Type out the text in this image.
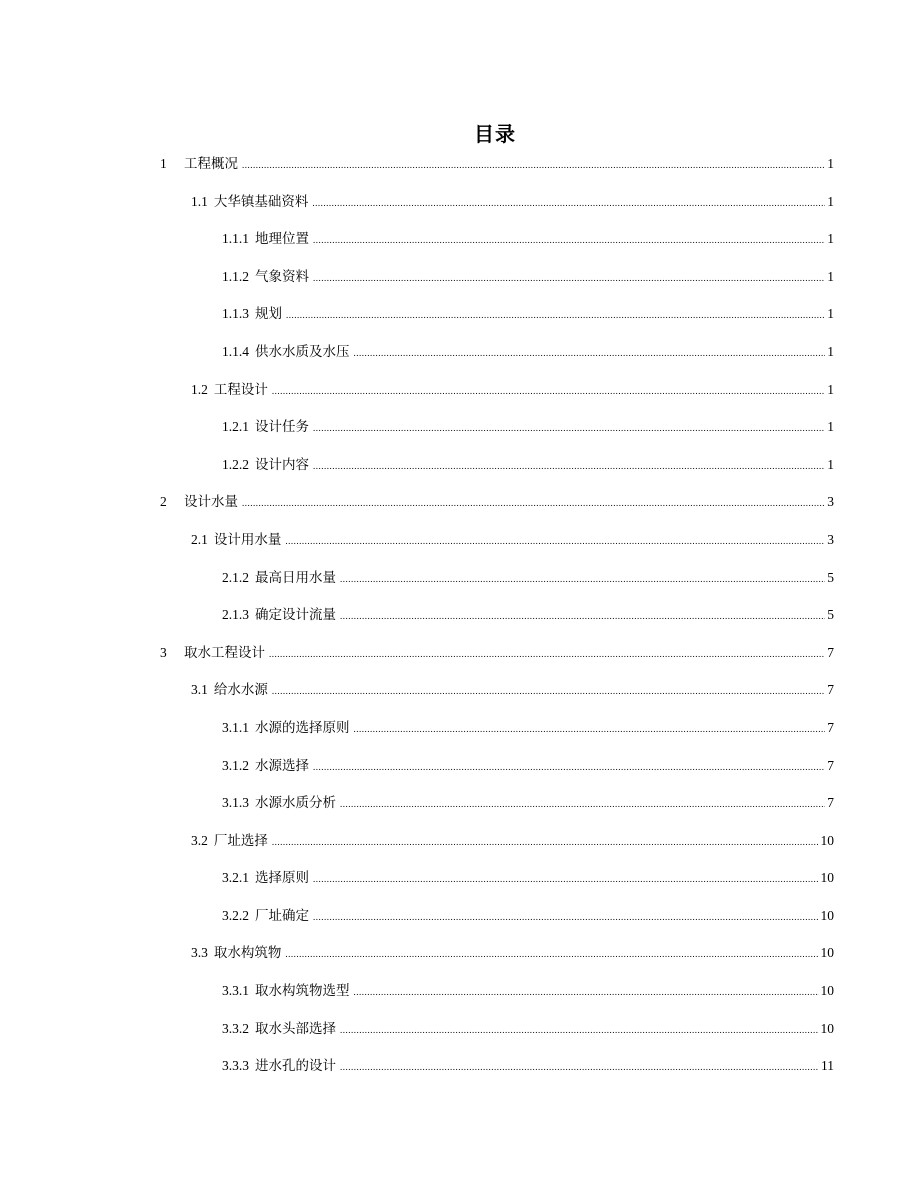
目录
1	工程概况 .....	1
1.1 大华镇基础资料 .....	1
1.1.1 地理位置 .....	1
1.1.2 气象资料 .....	1
1.1.3 规划 .....	1
1.1.4 供水水质及水压 .....	1
1.2 工程设计 .....	1
1.2.1 设计任务 .....	1
1.2.2 设计内容 .....	1
2	设计水量 .....	3
2.1 设计用水量 .....	3
2.1.2 最高日用水量 .....	5
2.1.3 确定设计流量 .....	5
3	取水工程设计 .....	7
3.1 给水水源 .....	7
3.1.1 水源的选择原则 .....	7
3.1.2 水源选择 .....	7
3.1.3 水源水质分析 .....	7
3.2 厂址选择 .....	10
3.2.1 选择原则 .....	10
3.2.2 厂址确定 .....	10
3.3 取水构筑物 .....	10
3.3.1 取水构筑物选型 .....	10
3.3.2 取水头部选择 .....	10
3.3.3 进水孔的设计 .....	11
